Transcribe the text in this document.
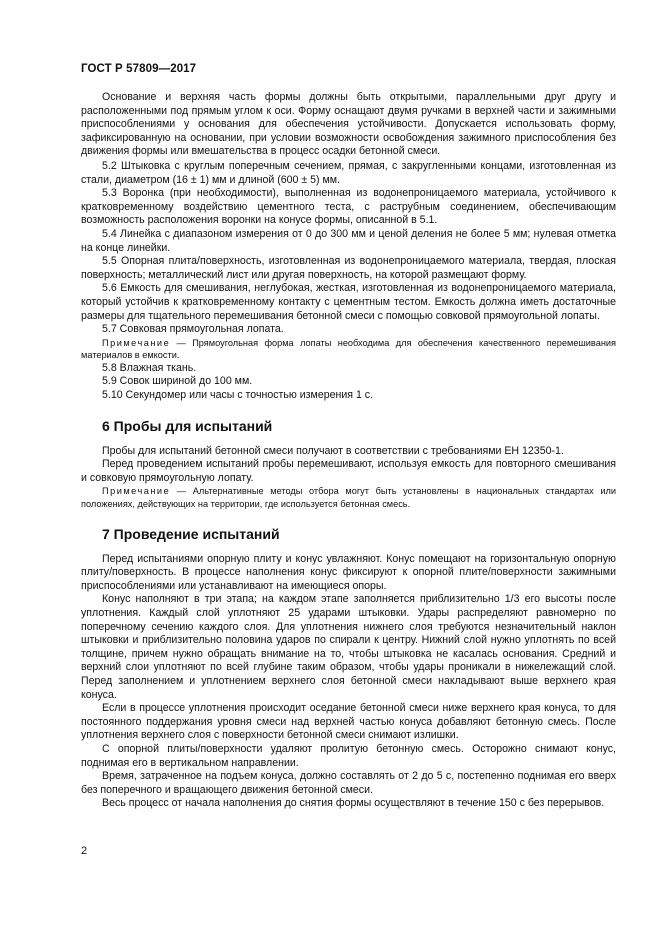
ГОСТ Р 57809—2017

Основание и верхняя часть формы должны быть открытыми, параллельными друг другу и расположенными под прямым углом к оси. Форму оснащают двумя ручками в верхней части и зажимными приспособлениями у основания для обеспечения устойчивости. Допускается использовать форму, зафиксированную на основании, при условии возможности освобождения зажимного приспособления без движения формы или вмешательства в процесс осадки бетонной смеси.

5.2 Штыковка с круглым поперечным сечением, прямая, с закругленными концами, изготовленная из стали, диаметром (16 ± 1) мм и длиной (600 ± 5) мм.

5.3 Воронка (при необходимости), выполненная из водонепроницаемого материала, устойчивого к кратковременному воздействию цементного теста, с раструбным соединением, обеспечивающим возможность расположения воронки на конусе формы, описанной в 5.1.

5.4 Линейка с диапазоном измерения от 0 до 300 мм и ценой деления не более 5 мм; нулевая отметка на конце линейки.

5.5 Опорная плита/поверхность, изготовленная из водонепроницаемого материала, твердая, плоская поверхность; металлический лист или другая поверхность, на которой размещают форму.

5.6 Емкость для смешивания, неглубокая, жесткая, изготовленная из водонепроницаемого материала, который устойчив к кратковременному контакту с цементным тестом. Емкость должна иметь достаточные размеры для тщательного перемешивания бетонной смеси с помощью совковой прямоугольной лопаты.

5.7 Совковая прямоугольная лопата.

Примечание — Прямоугольная форма лопаты необходима для обеспечения качественного перемешивания материалов в емкости.

5.8 Влажная ткань.

5.9 Совок шириной до 100 мм.

5.10 Секундомер или часы с точностью измерения 1 с.

6 Пробы для испытаний

Пробы для испытаний бетонной смеси получают в соответствии с требованиями ЕН 12350-1.

Перед проведением испытаний пробы перемешивают, используя емкость для повторного смешивания и совковую прямоугольную лопату.

Примечание — Альтернативные методы отбора могут быть установлены в национальных стандартах или положениях, действующих на территории, где используется бетонная смесь.

7 Проведение испытаний

Перед испытаниями опорную плиту и конус увлажняют. Конус помещают на горизонтальную опорную плиту/поверхность. В процессе наполнения конус фиксируют к опорной плите/поверхности зажимными приспособлениями или устанавливают на имеющиеся опоры.

Конус наполняют в три этапа; на каждом этапе заполняется приблизительно 1/3 его высоты после уплотнения. Каждый слой уплотняют 25 ударами штыковки. Удары распределяют равномерно по поперечному сечению каждого слоя. Для уплотнения нижнего слоя требуются незначительный наклон штыковки и приблизительно половина ударов по спирали к центру. Нижний слой нужно уплотнять по всей толщине, причем нужно обращать внимание на то, чтобы штыковка не касалась основания. Средний и верхний слои уплотняют по всей глубине таким образом, чтобы удары проникали в нижележащий слой. Перед заполнением и уплотнением верхнего слоя бетонной смеси накладывают выше верхнего края конуса.

Если в процессе уплотнения происходит оседание бетонной смеси ниже верхнего края конуса, то для постоянного поддержания уровня смеси над верхней частью конуса добавляют бетонную смесь. После уплотнения верхнего слоя с поверхности бетонной смеси снимают излишки.

С опорной плиты/поверхности удаляют пролитую бетонную смесь. Осторожно снимают конус, поднимая его в вертикальном направлении.

Время, затраченное на подъем конуса, должно составлять от 2 до 5 с, постепенно поднимая его вверх без поперечного и вращающего движения бетонной смеси.

Весь процесс от начала наполнения до снятия формы осуществляют в течение 150 с без перерывов.

2
